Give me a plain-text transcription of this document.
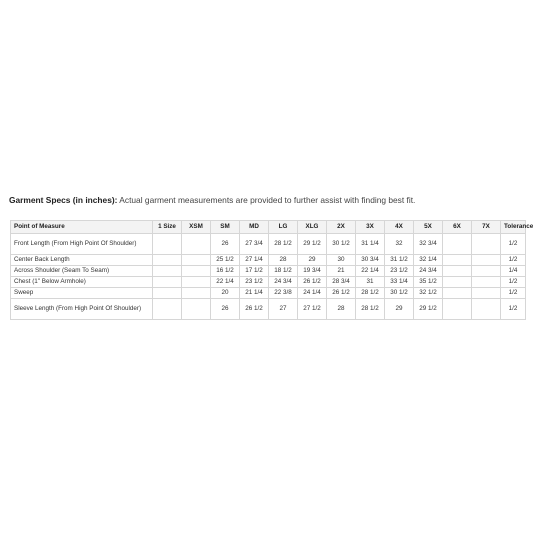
Garment Specs (in inches): Actual garment measurements are provided to further assist with finding best fit.
Point of Measure	1 Size	XSM	SM	MD	LG	XLG	2X	3X	4X	5X	6X	7X	Tolerance
Front Length (From High Point Of Shoulder)			26	27 3/4	28 1/2	29 1/2	30 1/2	31 1/4	32	32 3/4			1/2
Center Back Length			25 1/2	27 1/4	28	29	30	30 3/4	31 1/2	32 1/4			1/2
Across Shoulder (Seam To Seam)			16 1/2	17 1/2	18 1/2	19 3/4	21	22 1/4	23 1/2	24 3/4			1/4
Chest (1" Below Armhole)			22 1/4	23 1/2	24 3/4	26 1/2	28 3/4	31	33 1/4	35 1/2			1/2
Sweep			20	21 1/4	22 3/8	24 1/4	26 1/2	28 1/2	30 1/2	32 1/2			1/2
Sleeve Length (From High Point Of Shoulder)			26	26 1/2	27	27 1/2	28	28 1/2	29	29 1/2			1/2
